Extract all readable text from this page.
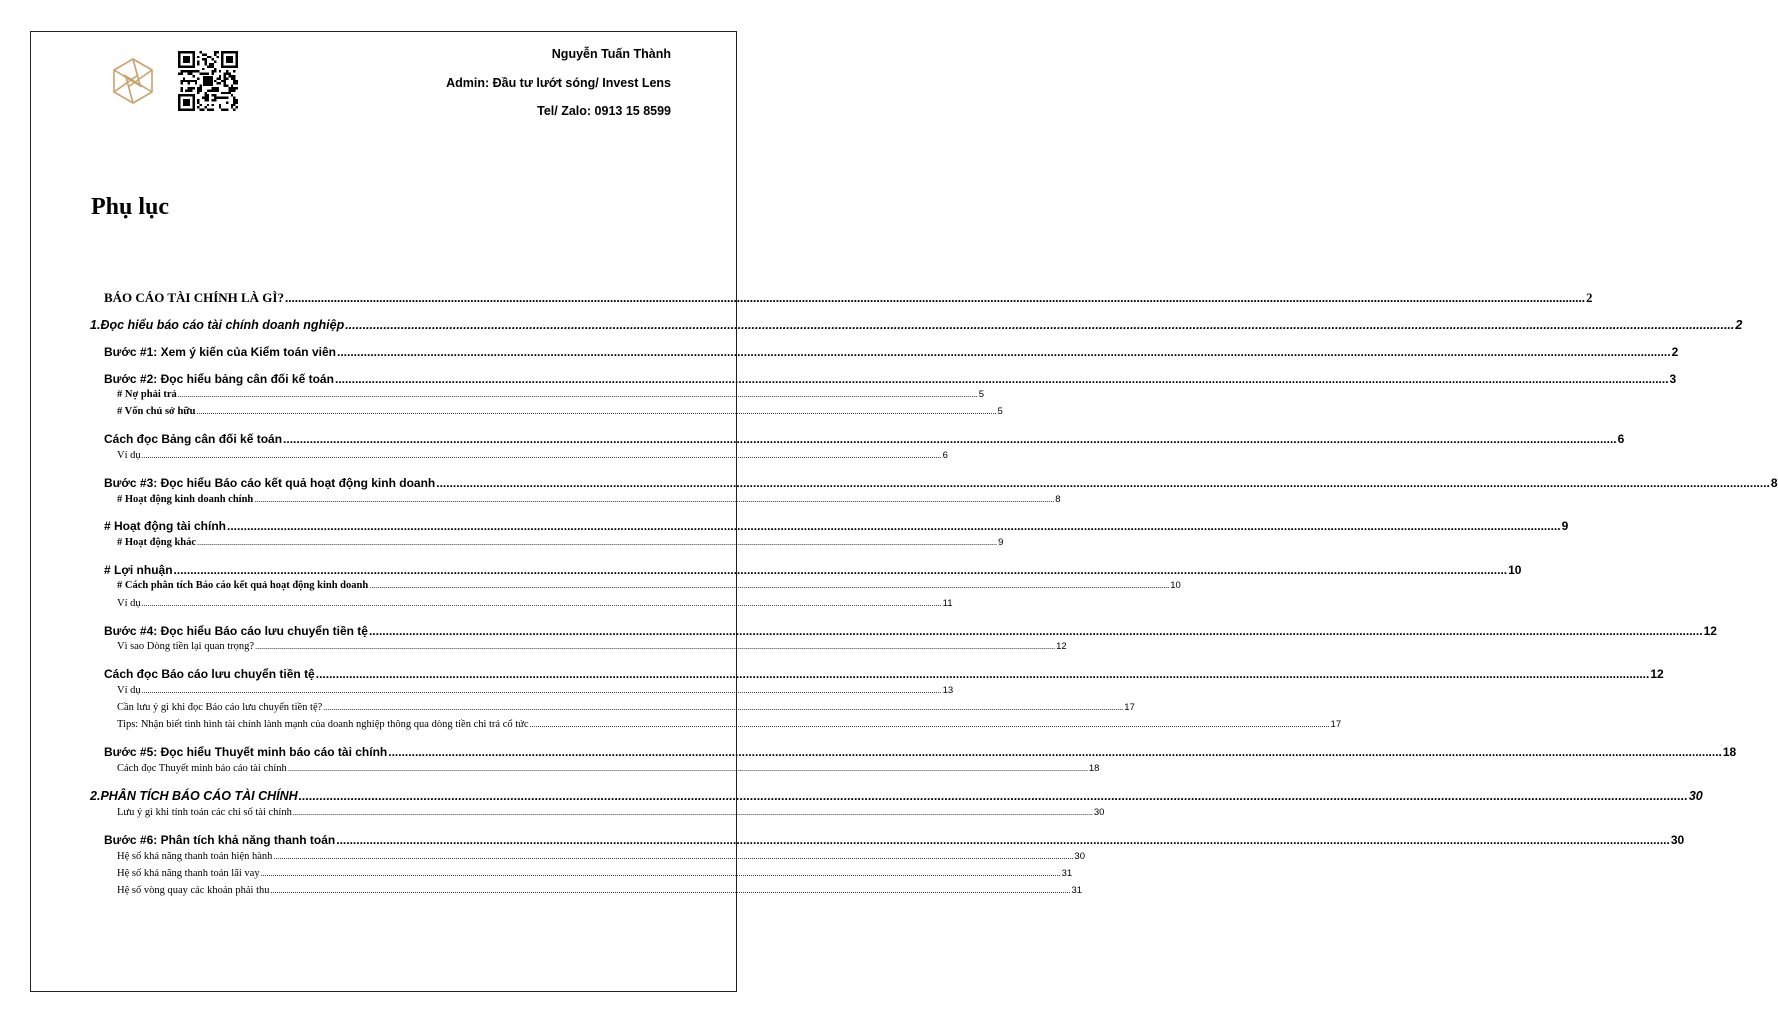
Nguyễn Tuấn Thành
Admin: Đầu tư lướt sóng/ Invest Lens
Tel/ Zalo: 0913 15 8599
Phụ lục
BÁO CÁO TÀI CHÍNH LÀ GÌ? ................................................................................................................................................................................................................................................................................................................................................................................................................ 2
1. Đọc hiểu báo cáo tài chính doanh nghiệp ................................................................................................................................................................................................................................................................................................................................................................................................................ 2
Bước #1: Xem ý kiến của Kiểm toán viên ................................................................................................................................................................................................................................................................................................................................................................................................................ 2
Bước #2: Đọc hiểu bảng cân đối kế toán ................................................................................................................................................................................................................................................................................................................................................................................................................ 3
# Nợ phải trả ................................................................................................................................................................................................................................................................................................................................................................................................................ 5
# Vốn chủ sở hữu ................................................................................................................................................................................................................................................................................................................................................................................................................ 5
Cách đọc Bảng cân đối kế toán ................................................................................................................................................................................................................................................................................................................................................................................................................ 6
Ví dụ ................................................................................................................................................................................................................................................................................................................................................................................................................ 6
Bước #3: Đọc hiểu Báo cáo kết quả hoạt động kinh doanh ................................................................................................................................................................................................................................................................................................................................................................................................................ 8
# Hoạt động kinh doanh chính ................................................................................................................................................................................................................................................................................................................................................................................................................ 8
# Hoạt động tài chính ................................................................................................................................................................................................................................................................................................................................................................................................................ 9
# Hoạt động khác ................................................................................................................................................................................................................................................................................................................................................................................................................ 9
# Lợi nhuận ................................................................................................................................................................................................................................................................................................................................................................................................................ 10
# Cách phân tích Báo cáo kết quả hoạt động kinh doanh ................................................................................................................................................................................................................................................................................................................................................................................................................ 10
Ví dụ ................................................................................................................................................................................................................................................................................................................................................................................................................ 11
Bước #4: Đọc hiểu Báo cáo lưu chuyển tiền tệ ................................................................................................................................................................................................................................................................................................................................................................................................................ 12
Vì sao Dòng tiền lại quan trọng? ................................................................................................................................................................................................................................................................................................................................................................................................................ 12
Cách đọc Báo cáo lưu chuyển tiền tệ ................................................................................................................................................................................................................................................................................................................................................................................................................ 12
Ví dụ ................................................................................................................................................................................................................................................................................................................................................................................................................ 13
Cần lưu ý gì khi đọc Báo cáo lưu chuyển tiền tệ? ................................................................................................................................................................................................................................................................................................................................................................................................................ 17
Tips: Nhận biết tình hình tài chính lành mạnh của doanh nghiệp thông qua dòng tiền chi trả cổ tức ................................................................................................................................................................................................................................................................................................................................................................................................................ 17
Bước #5: Đọc hiểu Thuyết minh báo cáo tài chính ................................................................................................................................................................................................................................................................................................................................................................................................................ 18
Cách đọc Thuyết minh báo cáo tài chính ................................................................................................................................................................................................................................................................................................................................................................................................................ 18
2. PHÂN TÍCH BÁO CÁO TÀI CHÍNH ................................................................................................................................................................................................................................................................................................................................................................................................................ 30
Lưu ý gì khi tính toán các chỉ số tài chính ................................................................................................................................................................................................................................................................................................................................................................................................................ 30
Bước #6: Phân tích khả năng thanh toán ................................................................................................................................................................................................................................................................................................................................................................................................................ 30
Hệ số khả năng thanh toán hiện hành ................................................................................................................................................................................................................................................................................................................................................................................................................ 30
Hệ số khả năng thanh toán lãi vay ................................................................................................................................................................................................................................................................................................................................................................................................................ 31
Hệ số vòng quay các khoản phải thu ................................................................................................................................................................................................................................................................................................................................................................................................................ 31
